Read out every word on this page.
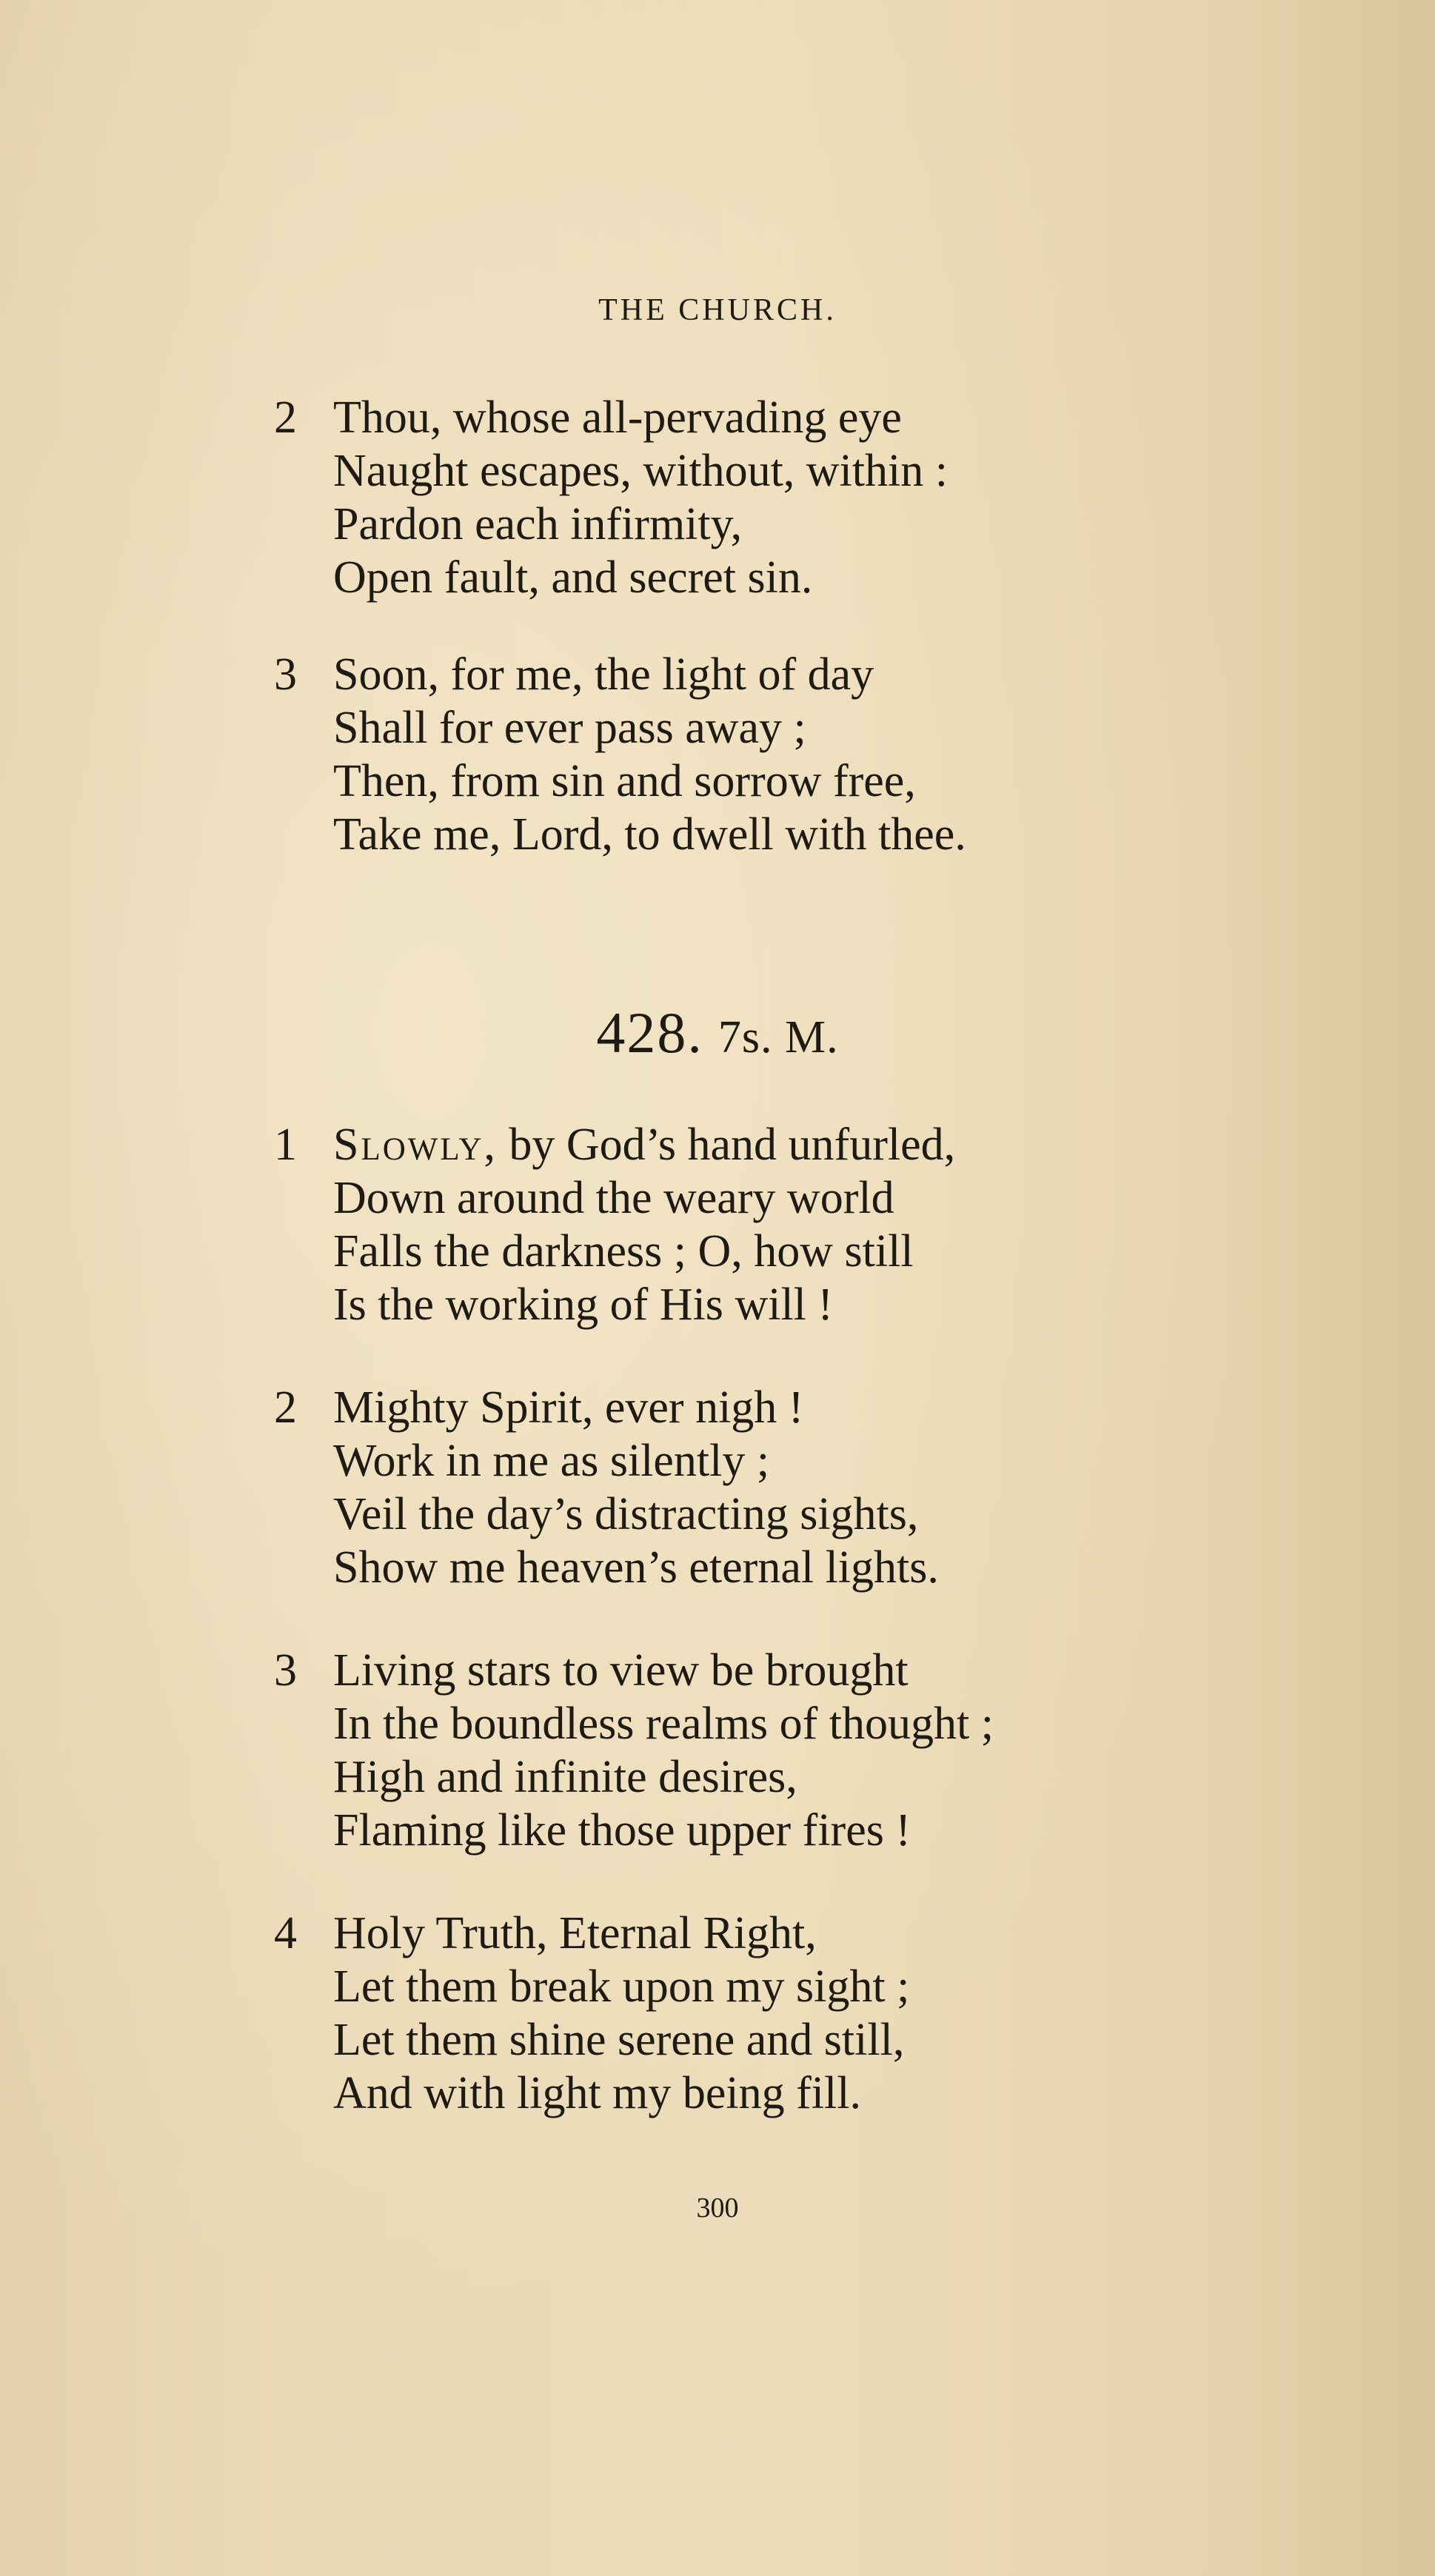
THE CHURCH.
2 Thou, whose all-pervading eye
Naught escapes, without, within :
Pardon each infirmity,
Open fault, and secret sin.
3 Soon, for me, the light of day
Shall for ever pass away ;
Then, from sin and sorrow free,
Take me, Lord, to dwell with thee.
428. 7s. M.
1 Slowly, by God’s hand unfurled,
Down around the weary world
Falls the darkness ; O, how still
Is the working of His will !
2 Mighty Spirit, ever nigh !
Work in me as silently ;
Veil the day’s distracting sights,
Show me heaven’s eternal lights.
3 Living stars to view be brought
In the boundless realms of thought ;
High and infinite desires,
Flaming like those upper fires !
4 Holy Truth, Eternal Right,
Let them break upon my sight ;
Let them shine serene and still,
And with light my being fill.
300
